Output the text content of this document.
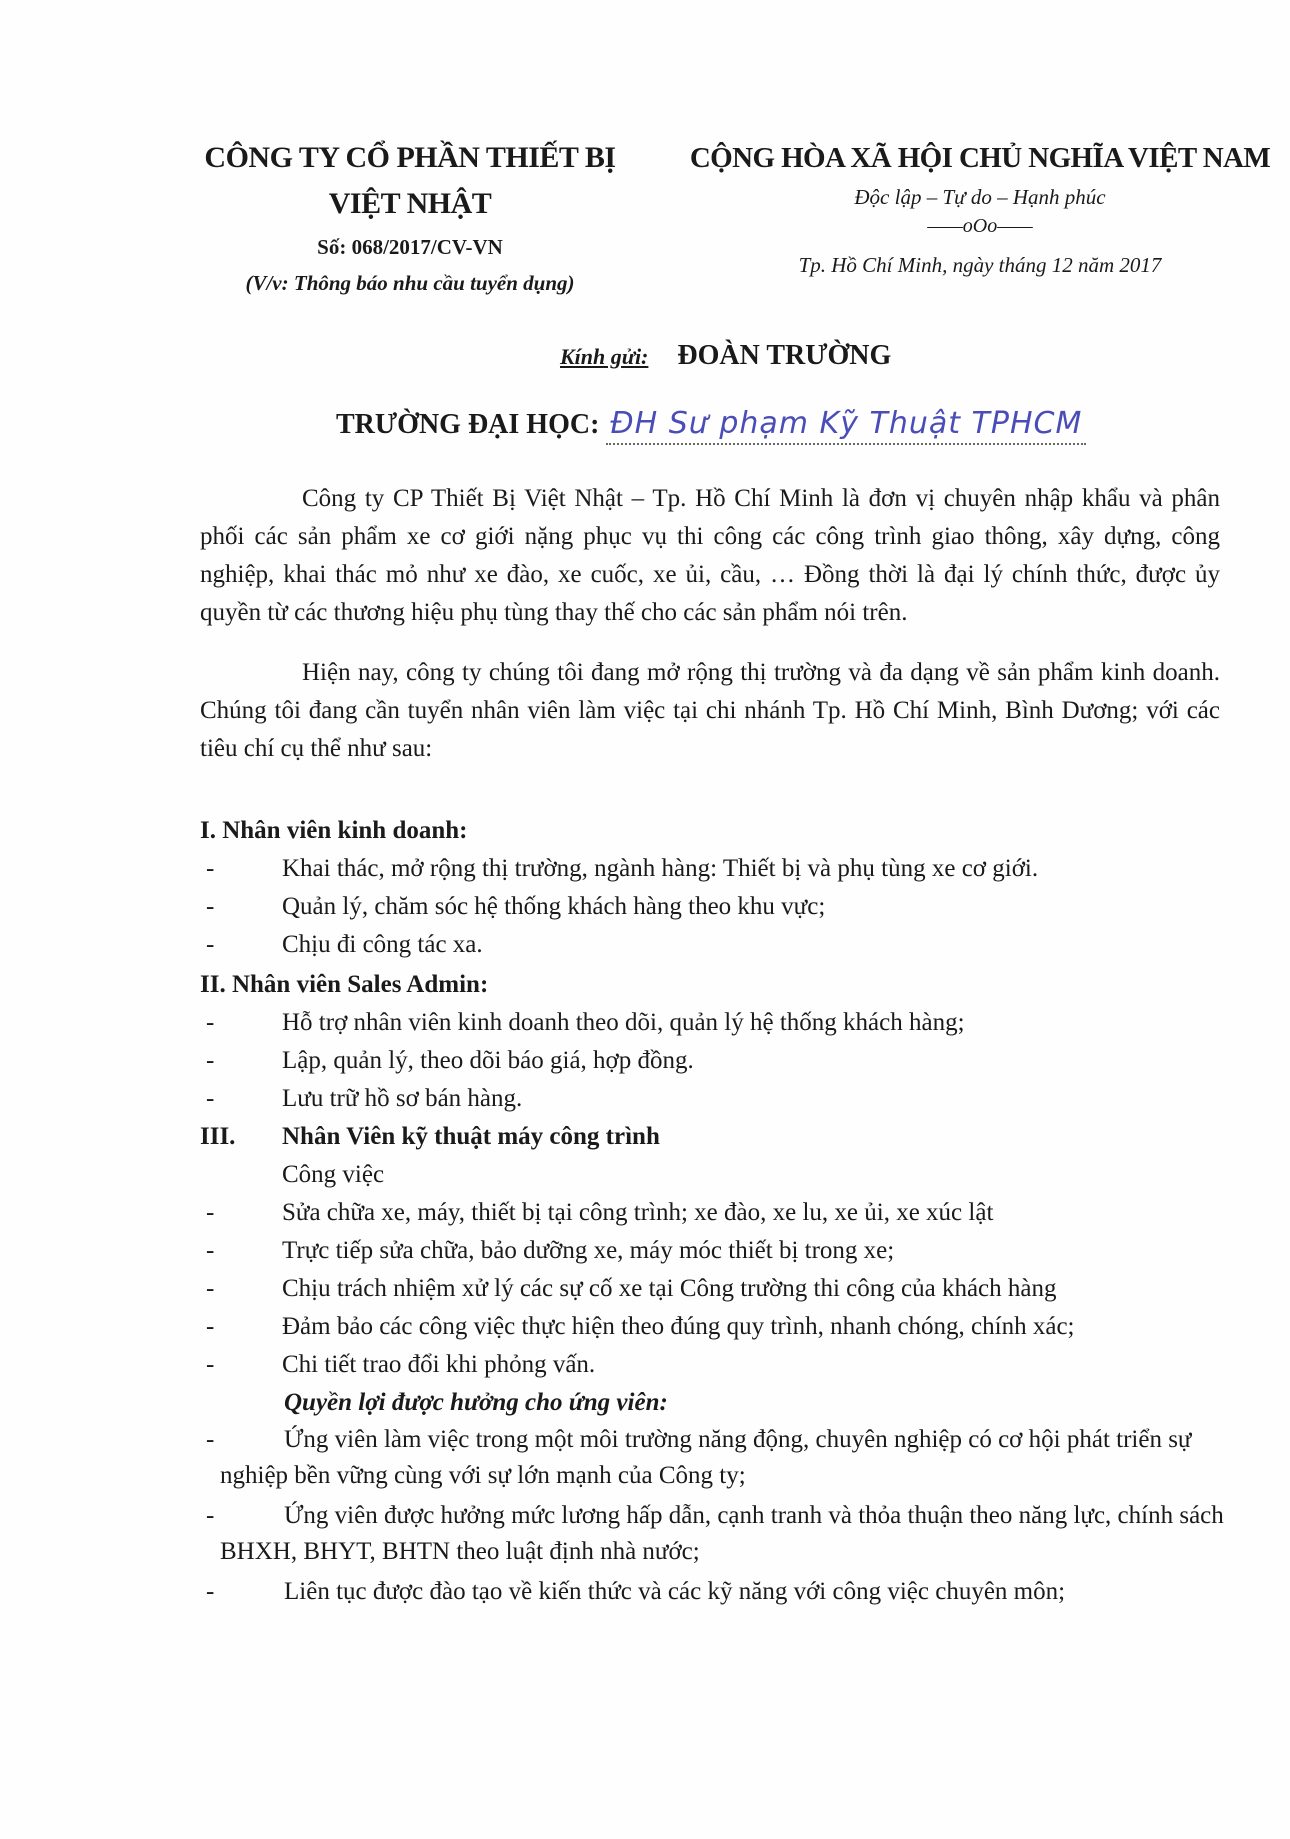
CÔNG TY CỔ PHẦN THIẾT BỊ
VIỆT NHẬT
Số: 068/2017/CV-VN
(V/v: Thông báo nhu cầu tuyển dụng)
CỘNG HÒA XÃ HỘI CHỦ NGHĨA VIỆT NAM
Độc lập – Tự do – Hạnh phúc
——oOo——
Tp. Hồ Chí Minh, ngày tháng 12 năm 2017
Kính gửi: ĐOÀN TRƯỜNG
TRƯỜNG ĐẠI HỌC: ĐH Sư phạm Kỹ Thuật TPHCM

Công ty CP Thiết Bị Việt Nhật – Tp. Hồ Chí Minh là đơn vị chuyên nhập khẩu và phân phối các sản phẩm xe cơ giới nặng phục vụ thi công các công trình giao thông, xây dựng, công nghiệp, khai thác mỏ như xe đào, xe cuốc, xe ủi, cầu, … Đồng thời là đại lý chính thức, được ủy quyền từ các thương hiệu phụ tùng thay thế cho các sản phẩm nói trên.

Hiện nay, công ty chúng tôi đang mở rộng thị trường và đa dạng về sản phẩm kinh doanh. Chúng tôi đang cần tuyển nhân viên làm việc tại chi nhánh Tp. Hồ Chí Minh, Bình Dương; với các tiêu chí cụ thể như sau:

I. Nhân viên kinh doanh:
-	Khai thác, mở rộng thị trường, ngành hàng: Thiết bị và phụ tùng xe cơ giới.
-	Quản lý, chăm sóc hệ thống khách hàng theo khu vực;
-	Chịu đi công tác xa.
II. Nhân viên Sales Admin:
-	Hỗ trợ nhân viên kinh doanh theo dõi, quản lý hệ thống khách hàng;
-	Lập, quản lý, theo dõi báo giá, hợp đồng.
-	Lưu trữ hồ sơ bán hàng.
III. Nhân Viên kỹ thuật máy công trình
Công việc
-	Sửa chữa xe, máy, thiết bị tại công trình; xe đào, xe lu, xe ủi, xe xúc lật
-	Trực tiếp sửa chữa, bảo dưỡng xe, máy móc thiết bị trong xe;
-	Chịu trách nhiệm xử lý các sự cố xe tại Công trường thi công của khách hàng
-	Đảm bảo các công việc thực hiện theo đúng quy trình, nhanh chóng, chính xác;
-	Chi tiết trao đổi khi phỏng vấn.
Quyền lợi được hưởng cho ứng viên:
-	Ứng viên làm việc trong một môi trường năng động, chuyên nghiệp có cơ hội phát triển sự nghiệp bền vững cùng với sự lớn mạnh của Công ty;
-	Ứng viên được hưởng mức lương hấp dẫn, cạnh tranh và thỏa thuận theo năng lực, chính sách BHXH, BHYT, BHTN theo luật định nhà nước;
-	Liên tục được đào tạo về kiến thức và các kỹ năng với công việc chuyên môn;
